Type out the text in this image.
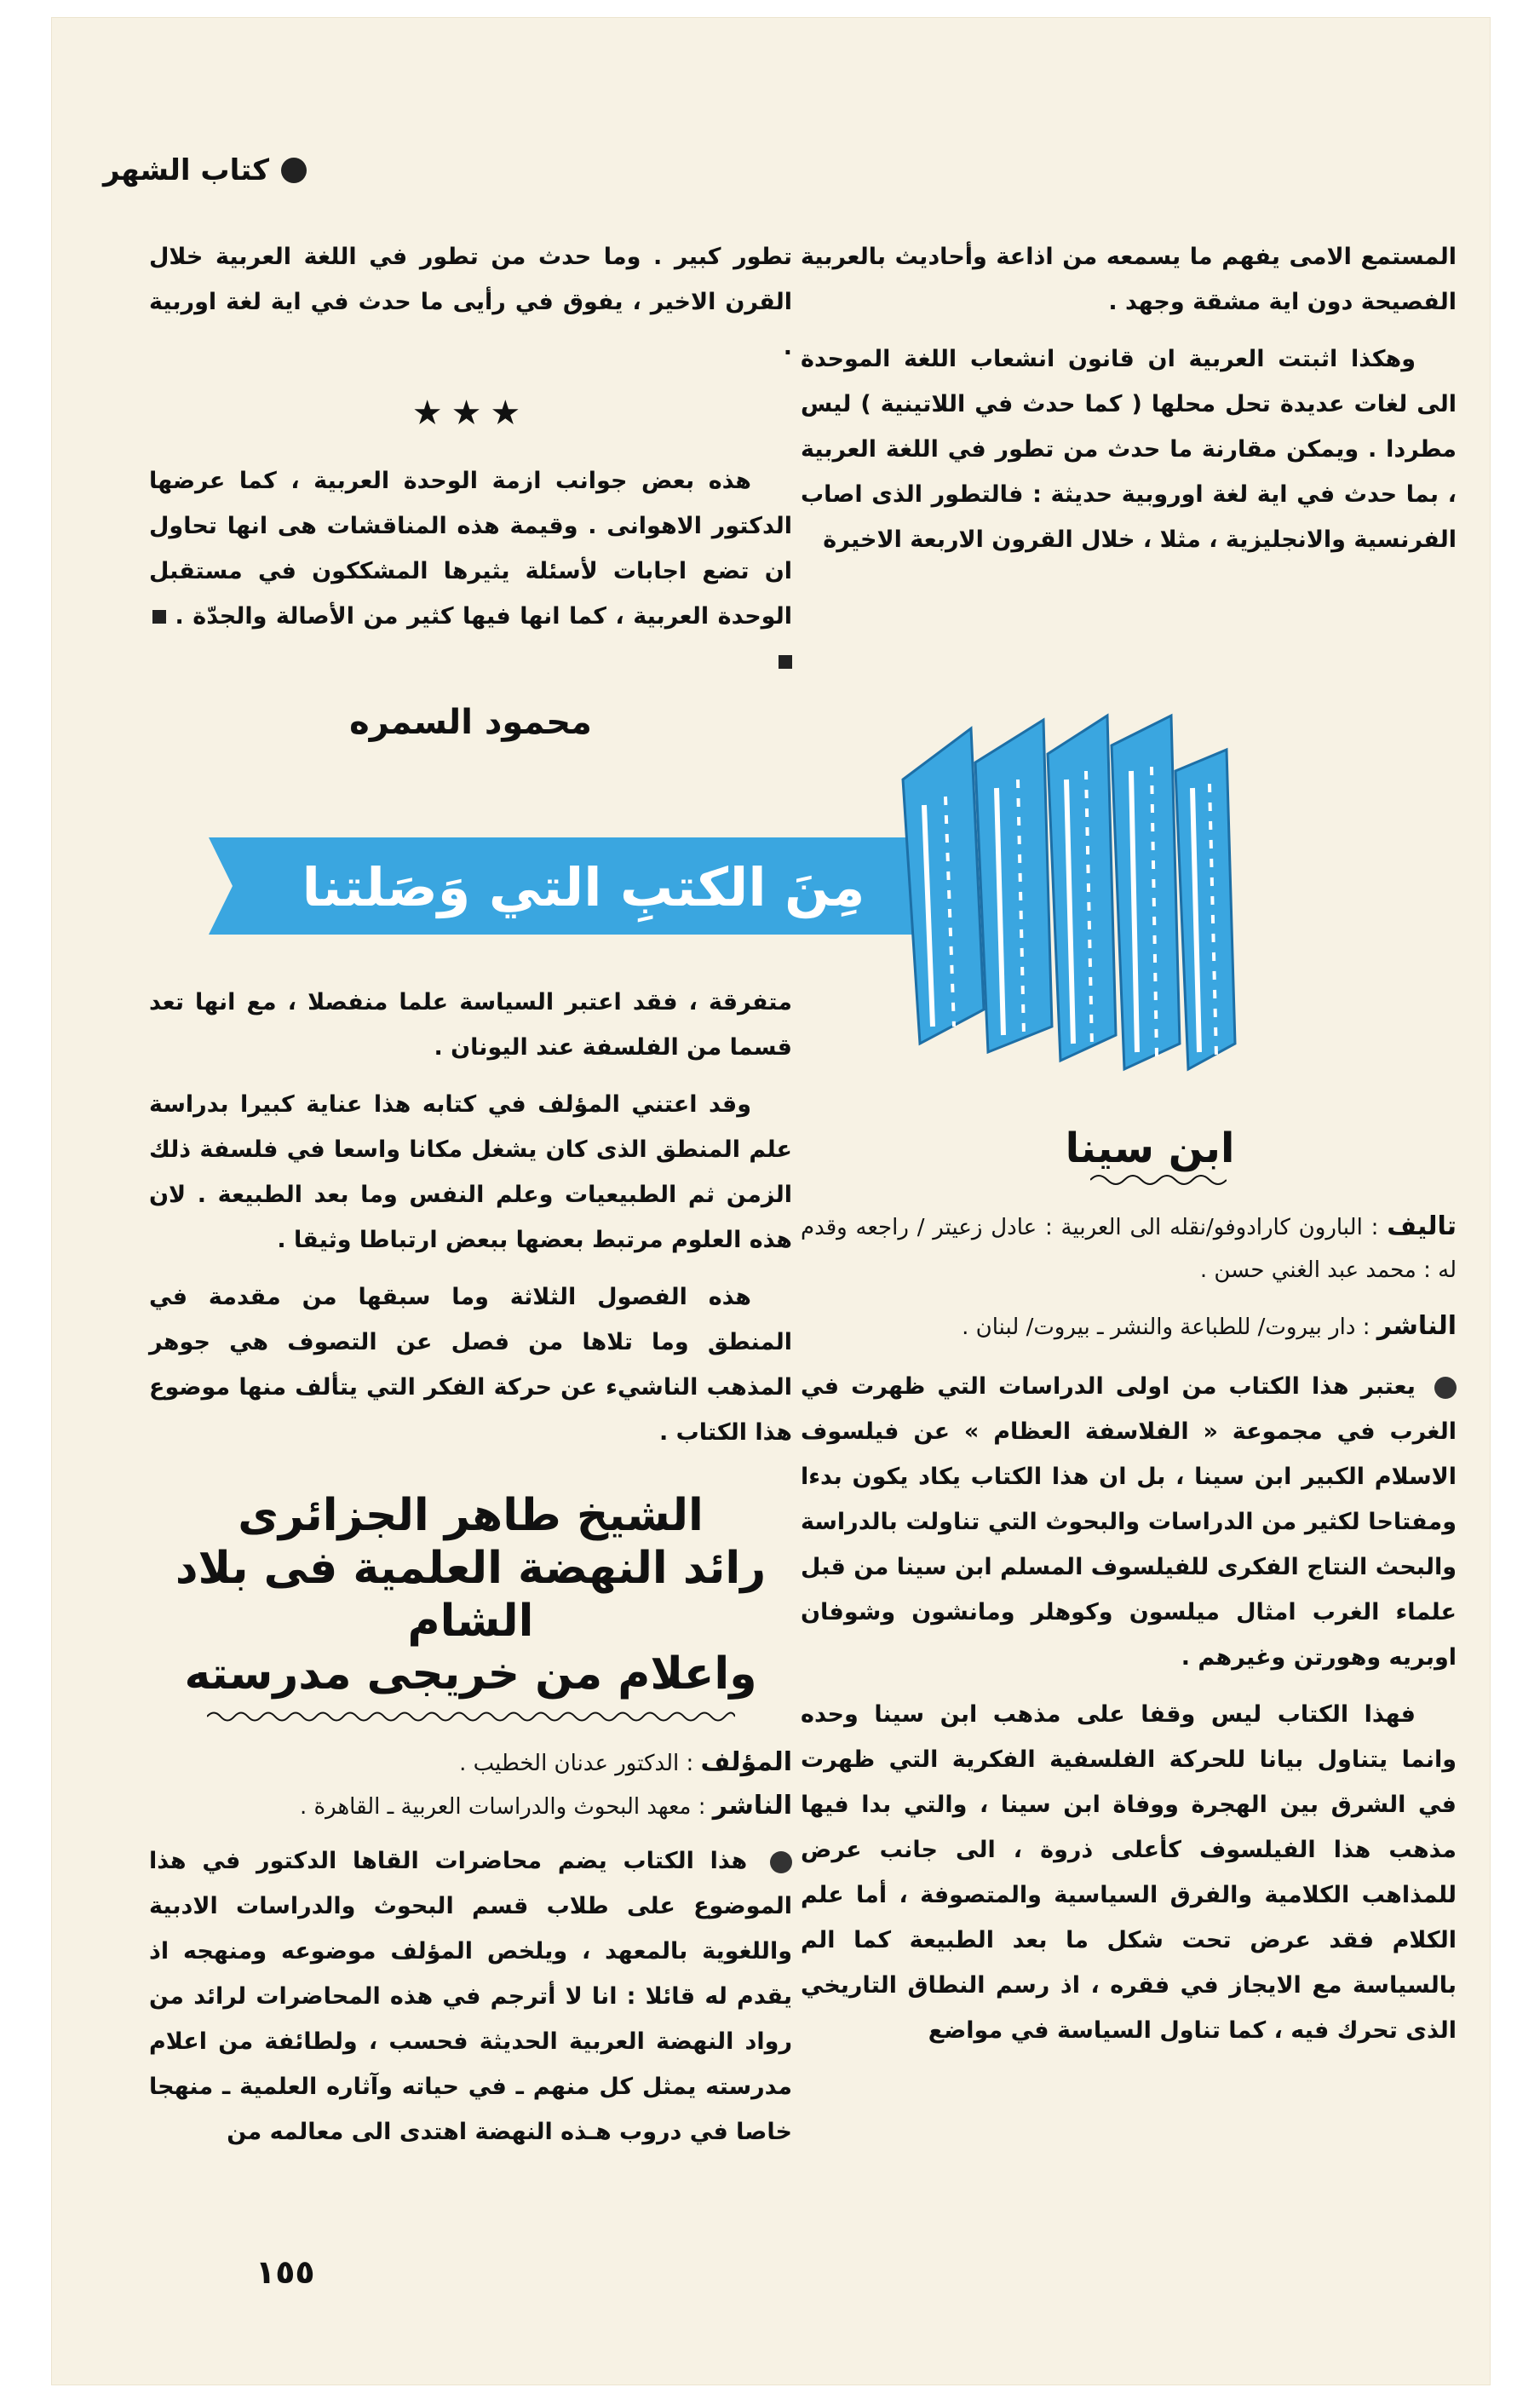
كتاب الشهر

المستمع الامى يفهم ما يسمعه من اذاعة وأحاديث بالعربية الفصيحة دون اية مشقة وجهد .

وهكذا اثبتت العربية ان قانون انشعاب اللغة الموحدة الى لغات عديدة تحل محلها ( كما حدث في اللاتينية ) ليس مطردا . ويمكن مقارنة ما حدث من تطور في اللغة العربية ، بما حدث في اية لغة اوروبية حديثة : فالتطور الذى اصاب الفرنسية والانجليزية ، مثلا ، خلال القرون الاربعة الاخيرة

تطور كبير . وما حدث من تطور في اللغة العربية خلال القرن الاخير ، يفوق في رأيى ما حدث في اية لغة اوربية .

★★★

هذه بعض جوانب ازمة الوحدة العربية ، كما عرضها الدكتور الاهوانى . وقيمة هذه المناقشات هى انها تحاول ان تضع اجابات لأسئلة يثيرها المشككون في مستقبل الوحدة العربية ، كما انها فيها كثير من الأصالة والجدّة .

محمود السمره
مِنَ الكتبِ التي وَصَلتنا
ابن سينا
تاليف : البارون كارادوفو/نقله الى العربية : عادل زعيتر / راجعه وقدم له : محمد عبد الغني حسن .
الناشر : دار بيروت/ للطباعة والنشر ـ بيروت/ لبنان .

يعتبر هذا الكتاب من اولى الدراسات التي ظهرت في الغرب في مجموعة « الفلاسفة العظام » عن فيلسوف الاسلام الكبير ابن سينا ، بل ان هذا الكتاب يكاد يكون بدءا ومفتاحا لكثير من الدراسات والبحوث التي تناولت بالدراسة والبحث النتاج الفكرى للفيلسوف المسلم ابن سينا من قبل علماء الغرب امثال ميلسون وكوهلر ومانشون وشوفان اوبريه وهورتن وغيرهم .

فهذا الكتاب ليس وقفا على مذهب ابن سينا وحده وانما يتناول بيانا للحركة الفلسفية الفكرية التي ظهرت في الشرق بين الهجرة ووفاة ابن سينا ، والتي بدا فيها مذهب هذا الفيلسوف كأعلى ذروة ، الى جانب عرض للمذاهب الكلامية والفرق السياسية والمتصوفة ، أما علم الكلام فقد عرض تحت شكل ما بعد الطبيعة كما الم بالسياسة مع الايجاز في فقره ، اذ رسم النطاق التاريخي الذى تحرك فيه ، كما تناول السياسة في مواضع

متفرقة ، فقد اعتبر السياسة علما منفصلا ، مع انها تعد قسما من الفلسفة عند اليونان .

وقد اعتني المؤلف في كتابه هذا عناية كبيرا بدراسة علم المنطق الذى كان يشغل مكانا واسعا في فلسفة ذلك الزمن ثم الطبيعيات وعلم النفس وما بعد الطبيعة . لان هذه العلوم مرتبط بعضها ببعض ارتباطا وثيقا .

هذه الفصول الثلاثة وما سبقها من مقدمة في المنطق وما تلاها من فصل عن التصوف هي جوهر المذهب الناشيء عن حركة الفكر التي يتألف منها موضوع هذا الكتاب .

الشيخ طاهر الجزائرى
رائد النهضة العلمية فى بلاد الشام
واعلام من خريجى مدرسته
المؤلف : الدكتور عدنان الخطيب .
الناشر : معهد البحوث والدراسات العربية ـ القاهرة .

هذا الكتاب يضم محاضرات القاها الدكتور في هذا الموضوع على طلاب قسم البحوث والدراسات الادبية واللغوية بالمعهد ، ويلخص المؤلف موضوعه ومنهجه اذ يقدم له قائلا : انا لا أترجم في هذه المحاضرات لرائد من رواد النهضة العربية الحديثة فحسب ، ولطائفة من اعلام مدرسته يمثل كل منهم ـ في حياته وآثاره العلمية ـ منهجا خاصا في دروب هـذه النهضة اهتدى الى معالمه من

١٥٥
